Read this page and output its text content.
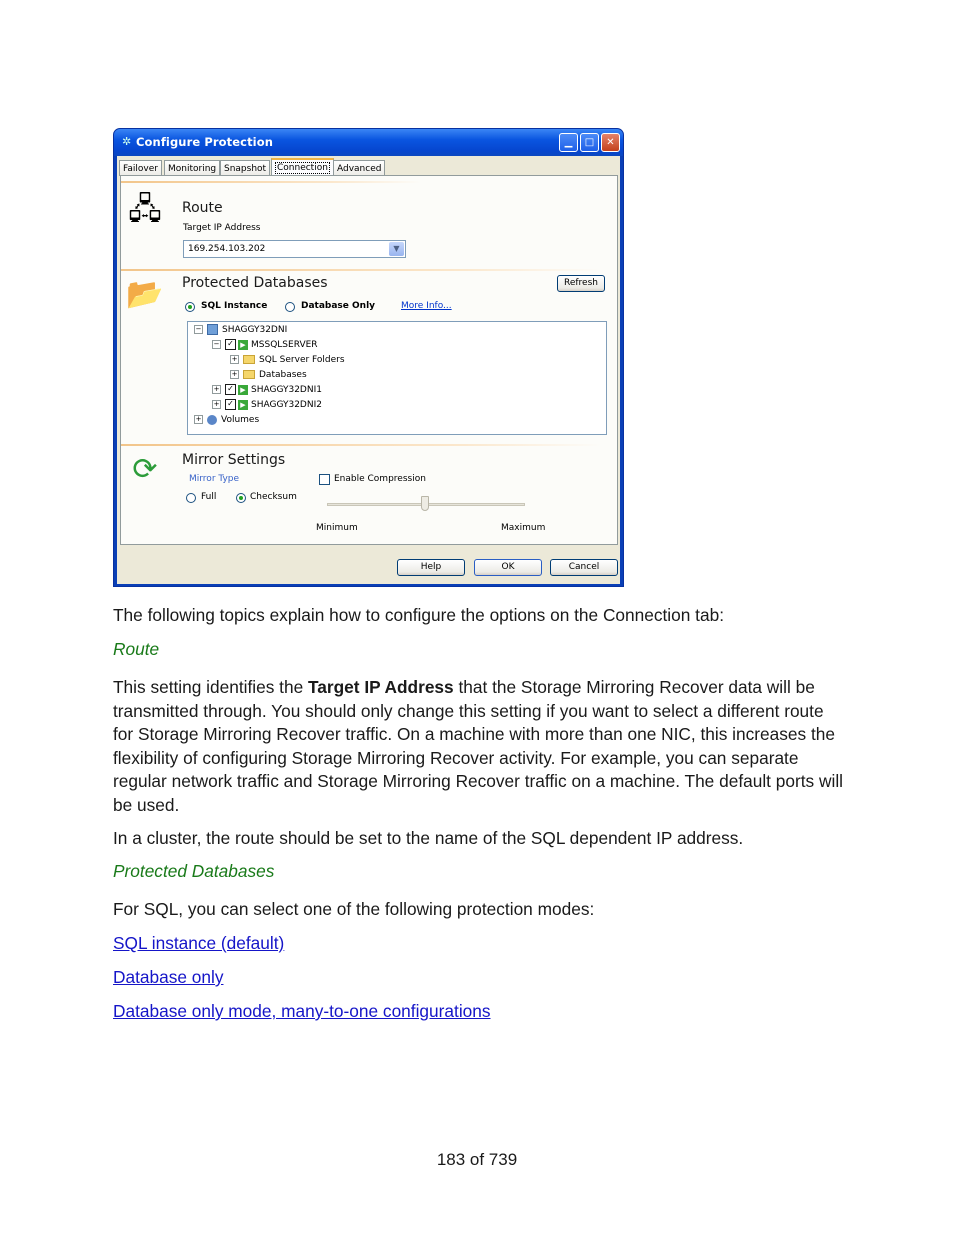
✲ Configure Protection	▁	□	✕
Failover	Monitoring Snapshot	Connection	Advanced
🖧 Route
Target IP Address
169.254.103.202	▼
📂 Protected Databases	Refresh
SQL Instance	Database Only	More Info...
− SHAGGY32DNI
− ✓ ▶ MSSQLSERVER
+ SQL Server Folders
+ Databases
+ ✓ ▶ SHAGGY32DNI1
+ ✓ ▶ SHAGGY32DNI2
+ Volumes
⟳	Mirror Settings
Mirror Type
Full	Checksum
Enable Compression
Minimum	Maximum
Help	OK	Cancel
The following topics explain how to configure the options on the Connection tab:
Route
This setting identifies the Target IP Address that the Storage Mirroring Recover data will be transmitted through. You should only change this setting if you want to select a different route for Storage Mirroring Recover traffic. On a machine with more than one NIC, this increases the flexibility of configuring Storage Mirroring Recover activity. For example, you can separate regular network traffic and Storage Mirroring Recover traffic on a machine. The default ports will be used.
In a cluster, the route should be set to the name of the SQL dependent IP address.
Protected Databases
For SQL, you can select one of the following protection modes:
SQL instance (default)
Database only
Database only mode, many-to-one configurations
183 of 739
